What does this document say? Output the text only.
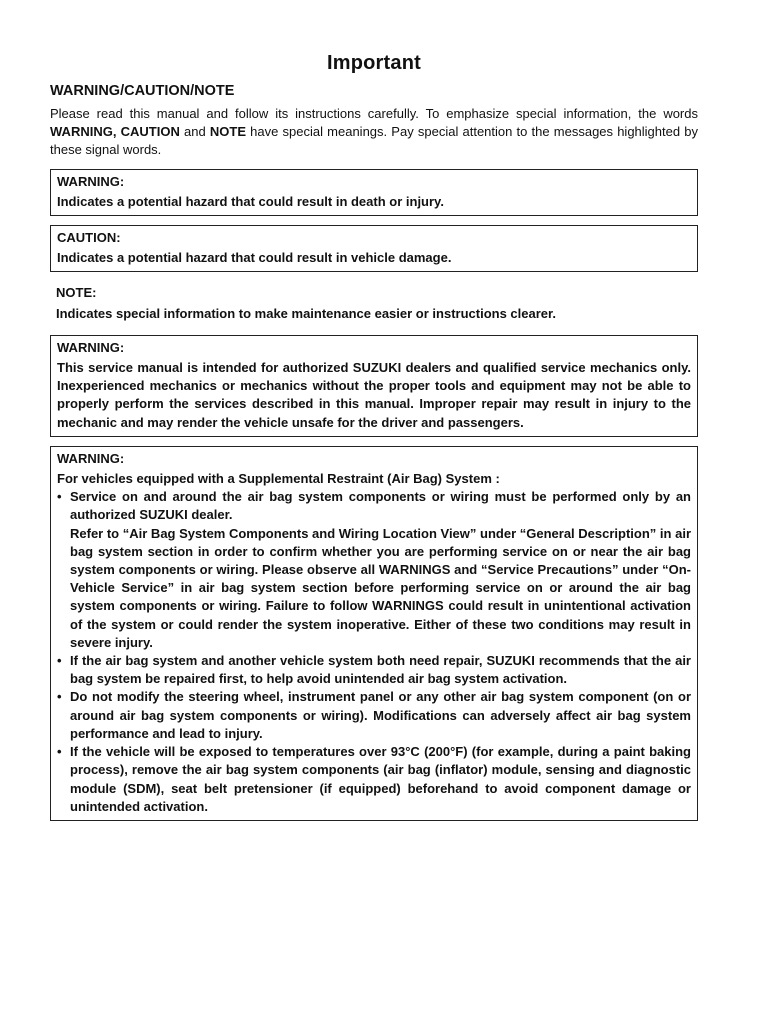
Important
WARNING/CAUTION/NOTE

Please read this manual and follow its instructions carefully. To emphasize special information, the words WARNING, CAUTION and NOTE have special meanings. Pay special attention to the messages highlighted by these signal words.

WARNING:
Indicates a potential hazard that could result in death or injury.
CAUTION:
Indicates a potential hazard that could result in vehicle damage.
NOTE:
Indicates special information to make maintenance easier or instructions clearer.
WARNING:
This service manual is intended for authorized SUZUKI dealers and qualified service mechanics only. Inexperienced mechanics or mechanics without the proper tools and equipment may not be able to properly perform the services described in this manual. Improper repair may result in injury to the mechanic and may render the vehicle unsafe for the driver and passengers.
WARNING:
For vehicles equipped with a Supplemental Restraint (Air Bag) System :
• Service on and around the air bag system components or wiring must be performed only by an authorized SUZUKI dealer.
Refer to “Air Bag System Components and Wiring Location View” under “General Description” in air bag system section in order to confirm whether you are performing service on or near the air bag system components or wiring. Please observe all WARNINGS and “Service Precautions” under “On-Vehicle Service” in air bag system section before performing service on or around the air bag system components or wiring. Failure to follow WARNINGS could result in unintentional activation of the system or could render the system inoperative. Either of these two conditions may result in severe injury.
• If the air bag system and another vehicle system both need repair, SUZUKI recommends that the air bag system be repaired first, to help avoid unintended air bag system activation.
• Do not modify the steering wheel, instrument panel or any other air bag system component (on or around air bag system components or wiring). Modifications can adversely affect air bag system performance and lead to injury.
• If the vehicle will be exposed to temperatures over 93°C (200°F) (for example, during a paint baking process), remove the air bag system components (air bag (inflator) module, sensing and diagnostic module (SDM), seat belt pretensioner (if equipped) beforehand to avoid component damage or unintended activation.
